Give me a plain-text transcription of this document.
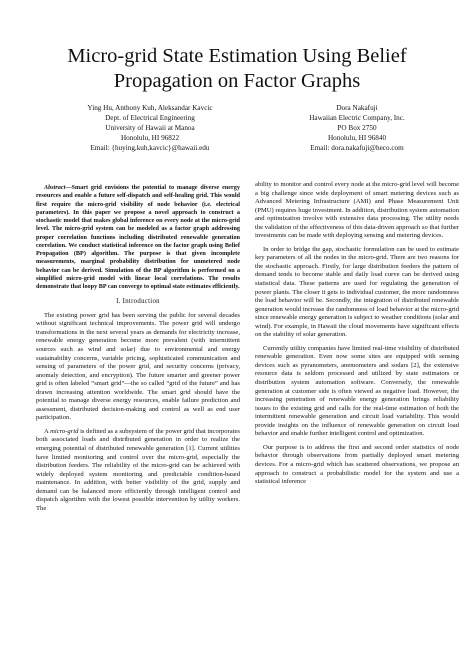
Micro-grid State Estimation Using Belief
Propagation on Factor Graphs
Ying Hu, Anthony Kuh, Aleksandar Kavcic
Dept. of Electrical Engineering
University of Hawaii at Manoa
Honolulu, HI 96822
Email: {huying,kuh,kavcic}@hawaii.edu
Dora Nakafuji
Hawaiian Electric Company, Inc.
PO Box 2750
Honolulu, HI 96840
Email: dora.nakafuji@heco.com

Abstract—Smart grid envisions the potential to manage diverse energy resources and enable a future self-dispatch and self-healing grid. This would first require the micro-grid visibility of node behavior (i.e. electrical parameters). In this paper we propose a novel approach to construct a stochastic model that makes global inference on every node at the micro-grid level. The micro-grid system can be modeled as a factor graph addressing proper correlation functions including distributed renewable generation correlation. We conduct statistical inference on the factor graph using Belief Propagation (BP) algorithm. The purpose is that given incomplete measurements, marginal probability distribution for unmetered node behavior can be derived. Simulation of the BP algorithm is performed on a simplified micro-grid model with linear local correlations. The results demonstrate that loopy BP can converge to optimal state estimates efficiently.

I. Introduction

The existing power grid has been serving the public for several decades without significant technical improvements. The power grid will undergo transformations in the next several years as demands for electricity increase, renewable energy generation become more prevalent (with intermittent sources such as wind and solar) due to environmental and energy sustainability concerns, variable pricing, sophisticated communication and sensing of parameters of the power grid, and security concerns (privacy, anomaly detection, and encryption). The future smarter and greener power grid is often labeled “smart grid”—the so called “grid of the future” and has drawn increasing attention worldwide. The smart grid should have the potential to manage diverse energy resources, enable failure prediction and assessment, distributed decision-making and control as well as end user participation.

A micro-grid is defined as a subsystem of the power grid that incorporates both associated loads and distributed generation in order to realize the emerging potential of distributed renewable generation [1]. Current utilities have limited monitoring and control over the micro-grid, especially the distribution feeders. The reliability of the micro-grid can be achieved with widely deployed system monitoring and predictable condition-based maintenance. In addition, with better visibility of the grid, supply and demand can be balanced more efficiently through intelligent control and dispatch algorithm with the lowest possible intervention by utility workers. The

ability to monitor and control every node at the micro-grid level will become a big challenge since wide deployment of smart metering devices such as Advanced Metering Infrastructure (AMI) and Phase Measurement Unit (PMU) requires huge investment. In addition, distribution system automation and optimization involve with extensive data processing. The utility needs the validation of the effectiveness of this data-driven approach so that further investments can be made with deploying sensing and metering devices.

In order to bridge the gap, stochastic formulation can be used to estimate key parameters of all the nodes in the micro-grid. There are two reasons for the stochastic approach. Firstly, for large distribution feeders the pattern of demand tends to become stable and daily load curve can be derived using statistical data. These patterns are used for regulating the generation of power plants. The closer it gets to individual customer, the more randomness the load behavior will be. Secondly, the integration of distributed renewable generation would increase the randomness of load behavior at the micro-grid since renewable energy generation is subject to weather conditions (solar and wind). For example, in Hawaii the cloud movements have significant effects on the stability of solar generation.

Currently utility companies have limited real-time visibility of distributed renewable generation. Even now some sites are equipped with sensing devices such as pyranometers, anemometers and sodars [2], the extensive resource data is seldom processed and utilized by state estimators or distribution system automation software. Conversely, the renewable generation at customer side is often viewed as negative load. However, the increasing penetration of renewable energy generation brings reliability issues to the existing grid and calls for the real-time estimation of both the intermittent renewable generation and circuit load variability. This would provide insights on the influence of renewable generation on circuit load behavior and enable further intelligent control and optimization.

Our purpose is to address the first and second order statistics of node behavior through observations from partially deployed smart metering devices. For a micro-grid which has scattered observations, we propose an approach to construct a probabilistic model for the system and use a statistical inference
